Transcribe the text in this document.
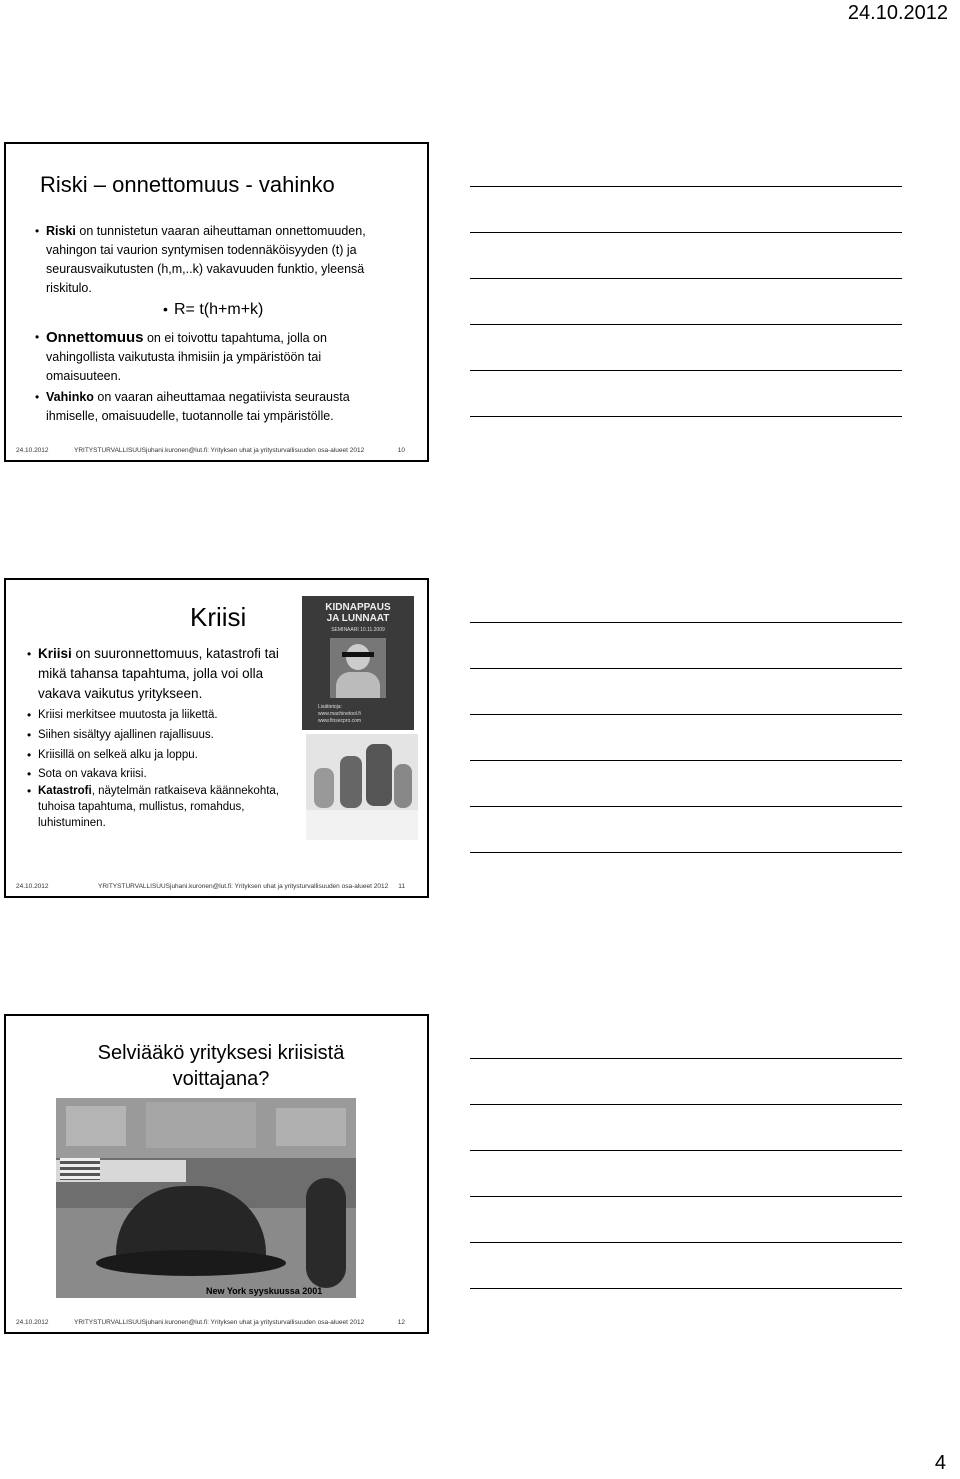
24.10.2012
Riski – onnettomuus - vahinko
• Riski on tunnistetun vaaran aiheuttaman onnettomuuden, vahingon tai vaurion syntymisen todennäköisyyden (t) ja seurausvaikutusten (h,m,..k) vakavuuden funktio, yleensä riskitulo.
• R= t(h+m+k)
• Onnettomuus on ei toivottu tapahtuma, jolla on vahingollista vaikutusta ihmisiin ja ympäristöön tai omaisuuteen.
• Vahinko on vaaran aiheuttamaa negatiivista seurausta ihmiselle, omaisuudelle, tuotannolle tai ympäristölle.
24.10.2012	YRITYSTURVALLISUUSjuhani.kuronen@lut.fi: Yrityksen uhat ja yritysturvallisuuden osa-alueet 2012	10
Kriisi	KIDNAPPAUS
JA LUNNAAT
SEMINAARI 10.11.2009
Lisätietoja:
www.machinetool.fi
www.finsecpro.com
• Kriisi on suuronnettomuus, katastrofi tai mikä tahansa tapahtuma, jolla voi olla vakava vaikutus yritykseen.
• Kriisi merkitsee muutosta ja liikettä.
• Siihen sisältyy ajallinen rajallisuus.
• Kriisillä on selkeä alku ja loppu.
• Sota on vakava kriisi.
• Katastrofi, näytelmän ratkaiseva käännekohta, tuhoisa tapahtuma, mullistus, romahdus, luhistuminen.
24.10.2012	YRITYSTURVALLISUUSjuhani.kuronen@lut.fi: Yrityksen uhat ja yritysturvallisuuden osa-alueet 2012 11
Selviääkö yrityksesi kriisistä voittajana?
New York syyskuussa 2001
24.10.2012	YRITYSTURVALLISUUSjuhani.kuronen@lut.fi: Yrityksen uhat ja yritysturvallisuuden osa-alueet 2012	12
4
